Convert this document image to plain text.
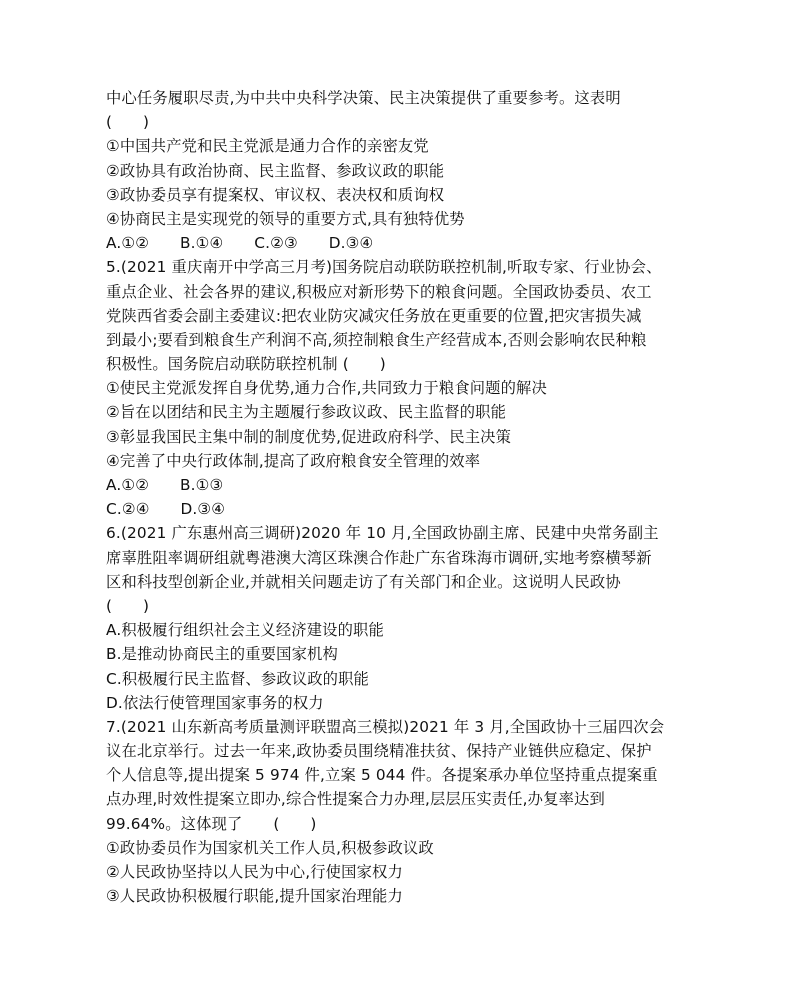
中心任务履职尽责,为中共中央科学决策、民主决策提供了重要参考。这表明
(　　)
①中国共产党和民主党派是通力合作的亲密友党
②政协具有政治协商、民主监督、参政议政的职能
③政协委员享有提案权、审议权、表决权和质询权
④协商民主是实现党的领导的重要方式,具有独特优势
A.①②　　B.①④　　C.②③　　D.③④
5.(2021 重庆南开中学高三月考)国务院启动联防联控机制,听取专家、行业协会、
重点企业、社会各界的建议,积极应对新形势下的粮食问题。全国政协委员、农工
党陕西省委会副主委建议:把农业防灾减灾任务放在更重要的位置,把灾害损失减
到最小;要看到粮食生产利润不高,须控制粮食生产经营成本,否则会影响农民种粮
积极性。国务院启动联防联控机制 (　　)
①使民主党派发挥自身优势,通力合作,共同致力于粮食问题的解决
②旨在以团结和民主为主题履行参政议政、民主监督的职能
③彰显我国民主集中制的制度优势,促进政府科学、民主决策
④完善了中央行政体制,提高了政府粮食安全管理的效率
A.①②　　B.①③
C.②④　　D.③④
6.(2021 广东惠州高三调研)2020 年 10 月,全国政协副主席、民建中央常务副主
席辜胜阻率调研组就粤港澳大湾区珠澳合作赴广东省珠海市调研,实地考察横琴新
区和科技型创新企业,并就相关问题走访了有关部门和企业。这说明人民政协
(　　)
A.积极履行组织社会主义经济建设的职能
B.是推动协商民主的重要国家机构
C.积极履行民主监督、参政议政的职能
D.依法行使管理国家事务的权力
7.(2021 山东新高考质量测评联盟高三模拟)2021 年 3 月,全国政协十三届四次会
议在北京举行。过去一年来,政协委员围绕精准扶贫、保持产业链供应稳定、保护
个人信息等,提出提案 5 974 件,立案 5 044 件。各提案承办单位坚持重点提案重
点办理,时效性提案立即办,综合性提案合力办理,层层压实责任,办复率达到
99.64%。这体现了　　(　　)
①政协委员作为国家机关工作人员,积极参政议政
②人民政协坚持以人民为中心,行使国家权力
③人民政协积极履行职能,提升国家治理能力
